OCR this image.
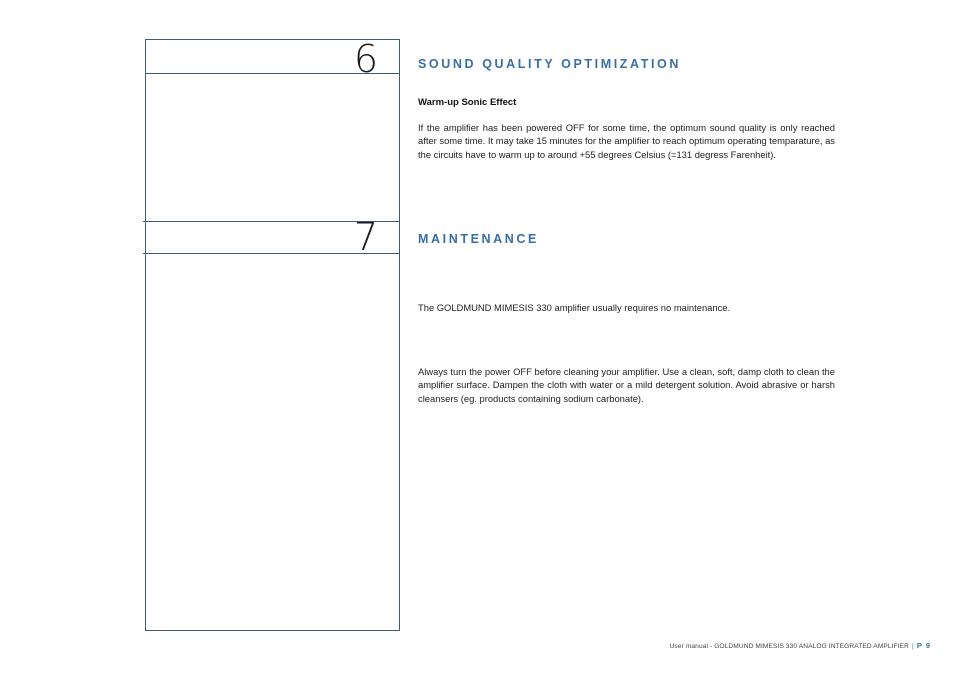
6	SOUND QUALITY OPTIMIZATION

Warm-up Sonic Effect

If the amplifier has been powered OFF for some time, the optimum sound quality is only reached after some time. It may take 15 minutes for the amplifier to reach optimum operating temparature, as the circuits have to warm up to around +55 degrees Celsius (=131 degress Farenheit).

7	MAINTENANCE

The GOLDMUND MIMESIS 330 amplifier usually requires no maintenance.

Always turn the power OFF before cleaning your amplifier. Use a clean, soft, damp cloth to clean the amplifier surface. Dampen the cloth with water or a mild detergent solution. Avoid abrasive or harsh cleansers (eg. products containing sodium carbonate).

User manual - GOLDMUND MIMESIS 330 ANALOG INTEGRATED AMPLIFIER | P 9
